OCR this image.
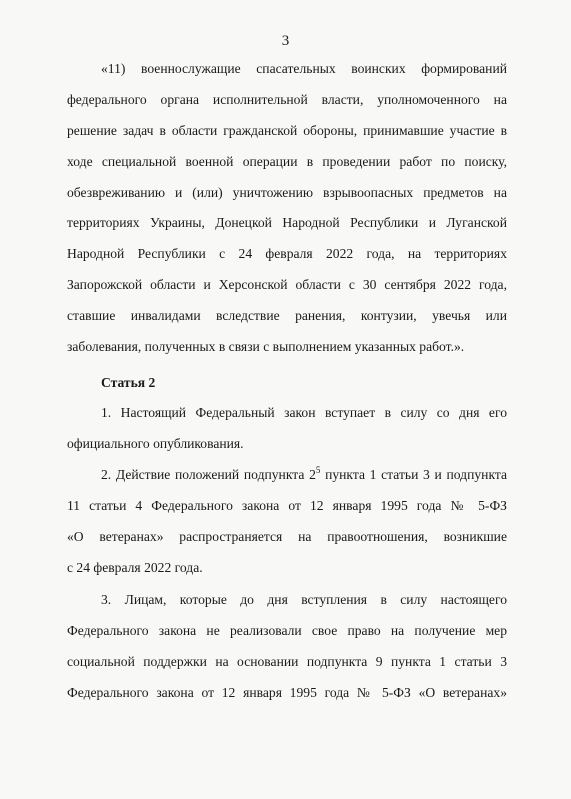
3
«11) военнослужащие спасательных воинских формирований
федерального органа исполнительной власти, уполномоченного на
решение задач в области гражданской обороны, принимавшие участие в
ходе специальной военной операции в проведении работ по поиску,
обезвреживанию и (или) уничтожению взрывоопасных предметов на
территориях Украины, Донецкой Народной Республики и Луганской
Народной Республики с 24 февраля 2022 года, на территориях
Запорожской области и Херсонской области с 30 сентября 2022 года,
ставшие инвалидами вследствие ранения, контузии, увечья или
заболевания, полученных в связи с выполнением указанных работ.».
Статья 2
1. Настоящий Федеральный закон вступает в силу со дня его
официального опубликования.
2. Действие положений подпункта $2^5$ пункта 1 статьи 3 и подпункта
11 статьи 4 Федерального закона от 12 января 1995 года № 5-ФЗ
«О ветеранах» распространяется на правоотношения, возникшие
с 24 февраля 2022 года.
3. Лицам, которые до дня вступления в силу настоящего
Федерального закона не реализовали свое право на получение мер
социальной поддержки на основании подпункта 9 пункта 1 статьи 3
Федерального закона от 12 января 1995 года № 5-ФЗ «О ветеранах»
